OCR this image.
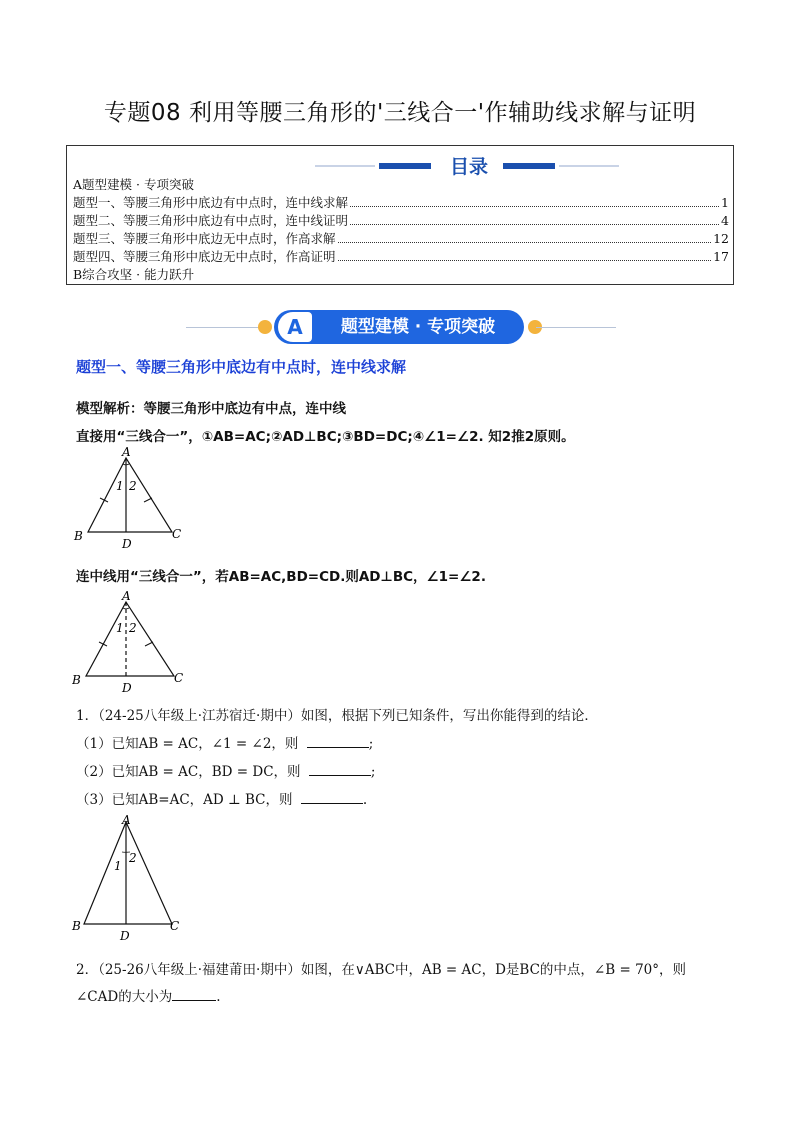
专题08 利用等腰三角形的'三线合一'作辅助线求解与证明
目录
A题型建模 · 专项突破
题型一、等腰三角形中底边有中点时，连中线求解	1
题型二、等腰三角形中底边有中点时，连中线证明	4
题型三、等腰三角形中底边无中点时，作高求解	12
题型四、等腰三角形中底边无中点时，作高证明	17
B综合攻坚 · 能力跃升
A	题型建模 · 专项突破
题型一、等腰三角形中底边有中点时，连中线求解
模型解析：等腰三角形中底边有中点，连中线
直接用“三线合一”，①AB=AC;②AD⊥BC;③BD=DC;④∠1=∠2. 知2推2原则。
A
B	C
D
1 2
连中线用“三线合一”，若AB=AC,BD=CD.则AD⊥BC，∠1=∠2.
A
B	C
D
1 2
1．（24-25八年级上·江苏宿迁·期中）如图，根据下列已知条件，写出你能得到的结论．
（1）已知AB = AC，∠1 = ∠2，则	;
（2）已知AB = AC，BD = DC，则	;
（3）已知AB=AC，AD ⊥ BC，则	.
A
B	C
D
1
2
2．（25-26八年级上·福建莆田·期中）如图，在∨ABC中，AB = AC，D是BC的中点，∠B = 70°，则
∠CAD的大小为	.
